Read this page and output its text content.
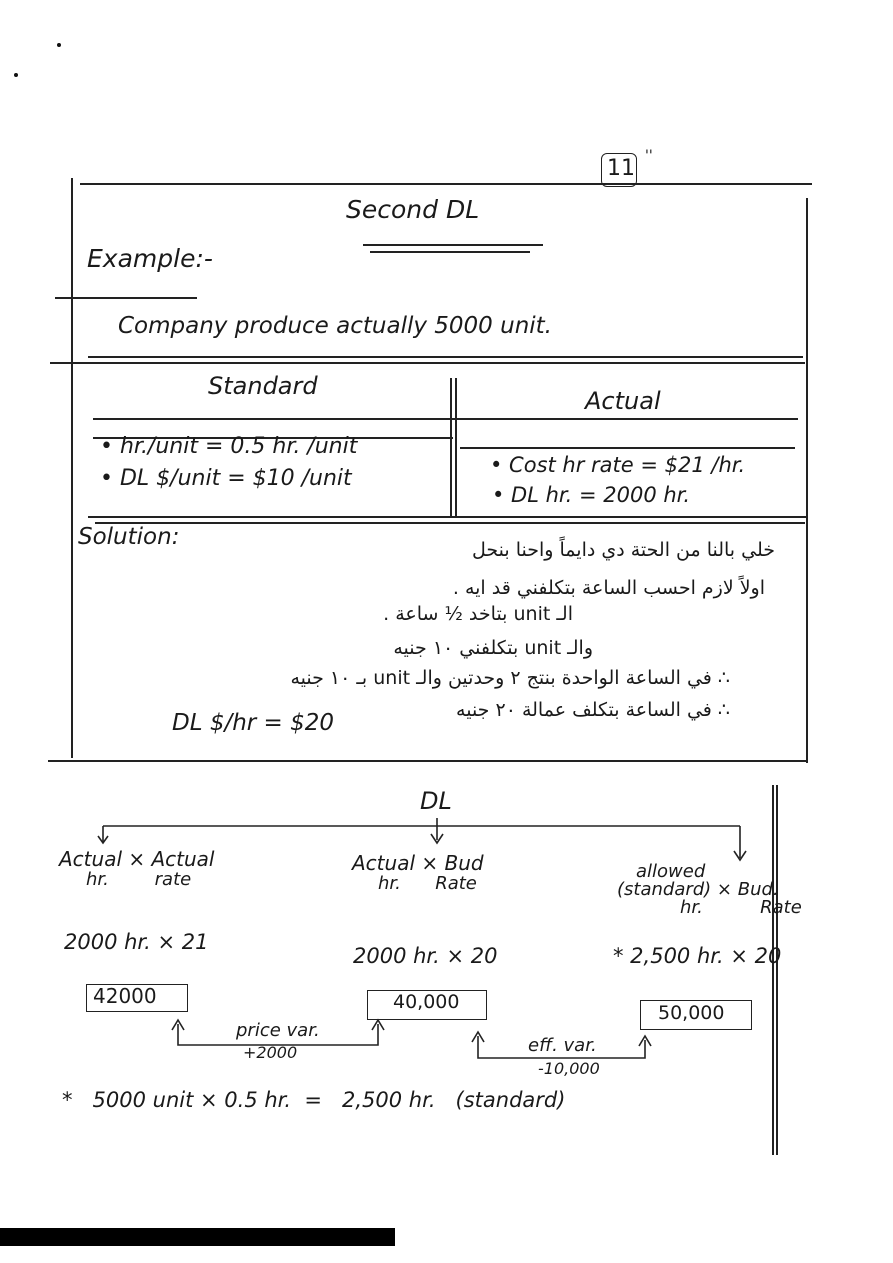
11 ''
Second DL
Example:-
Company produce actually 5000 unit.
Standard
Actual
• hr./unit = 0.5 hr. /unit
• DL $/unit = $10 /unit
• Cost hr rate = $21 /hr.
• DL hr. = 2000 hr.
Solution:	خلي بالنا من الحتة دي دايماً واحنا بنحل
اولاً لازم احسب الساعة بتكلفني قد ايه .
الـ unit بتاخد ½ ساعة .
والـ unit بتكلفني ١٠ جنيه
∴ في الساعة الواحدة بنتج ٢ وحدتين والـ unit بـ ١٠ جنيه
∴ في الساعة بتكلف عمالة ٢٠ جنيه
DL $/hr = $20
DL
Actual × Actual
hr.        rate
2000 hr. × 21
42000
Actual × Bud
hr.      Rate
2000 hr. × 20
40,000
allowed
(standard) × Bud.
hr.          Rate
* 2,500 hr. × 20
50,000
price var.
+2000	eff. var.
-10,000
*   5000 unit × 0.5 hr.  =   2,500 hr.   (standard)
